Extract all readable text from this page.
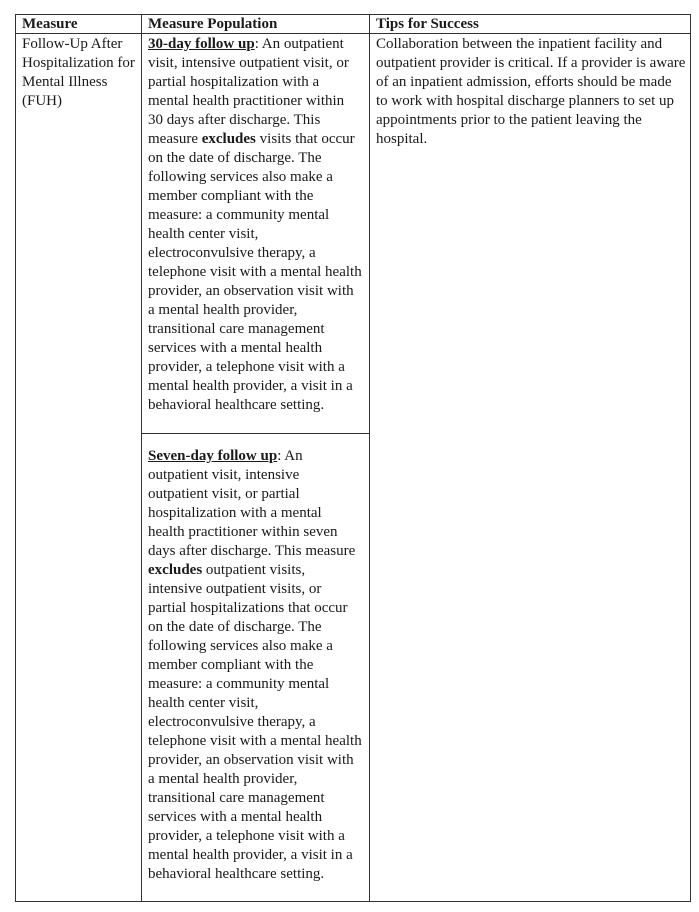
Measure	Measure Population	Tips for Success
Follow-Up After Hospitalization for Mental Illness (FUH)

30-day follow up: An outpatient visit, intensive outpatient visit, or partial hospitalization with a mental health practitioner within 30 days after discharge. This measure excludes visits that occur on the date of discharge. The following services also make a member compliant with the measure: a community mental health center visit, electroconvulsive therapy, a telephone visit with a mental health provider, an observation visit with a mental health provider, transitional care management services with a mental health provider, a telephone visit with a mental health provider, a visit in a behavioral healthcare setting.

Seven-day follow up: An outpatient visit, intensive outpatient visit, or partial hospitalization with a mental health practitioner within seven days after discharge. This measure excludes outpatient visits, intensive outpatient visits, or partial hospitalizations that occur on the date of discharge. The following services also make a member compliant with the measure: a community mental health center visit, electroconvulsive therapy, a telephone visit with a mental health provider, an observation visit with a mental health provider, transitional care management services with a mental health provider, a telephone visit with a mental health provider, a visit in a behavioral healthcare setting.

Collaboration between the inpatient facility and outpatient provider is critical. If a provider is aware of an inpatient admission, efforts should be made to work with hospital discharge planners to set up appointments prior to the patient leaving the hospital.
